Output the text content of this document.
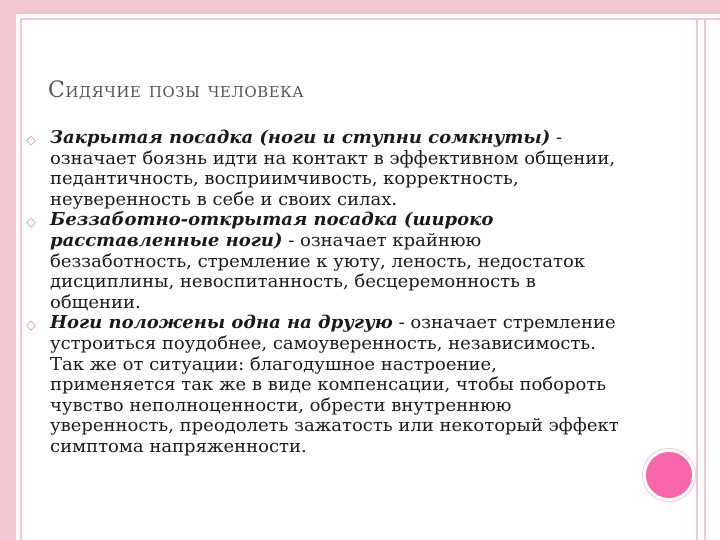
Сидячие позы человека
◇ Закрытая посадка (ноги и ступни сомкнуты) - означает боязнь идти на контакт в эффективном общении, педантичность, восприимчивость, корректность, неуверенность в себе и своих силах.
◇ Беззаботно-открытая посадка (широко расставленные ноги) - означает крайнюю беззаботность, стремление к уюту, леность, недостаток дисциплины, невоспитанность, бесцеремонность в общении.
◇ Ноги положены одна на другую - означает стремление устроиться поудобнее, самоуверенность, независимость. Так же от ситуации: благодушное настроение, применяется так же в виде компенсации, чтобы побороть чувство неполноценности, обрести внутреннюю уверенность, преодолеть зажатость или некоторый эффект симптома напряженности.
